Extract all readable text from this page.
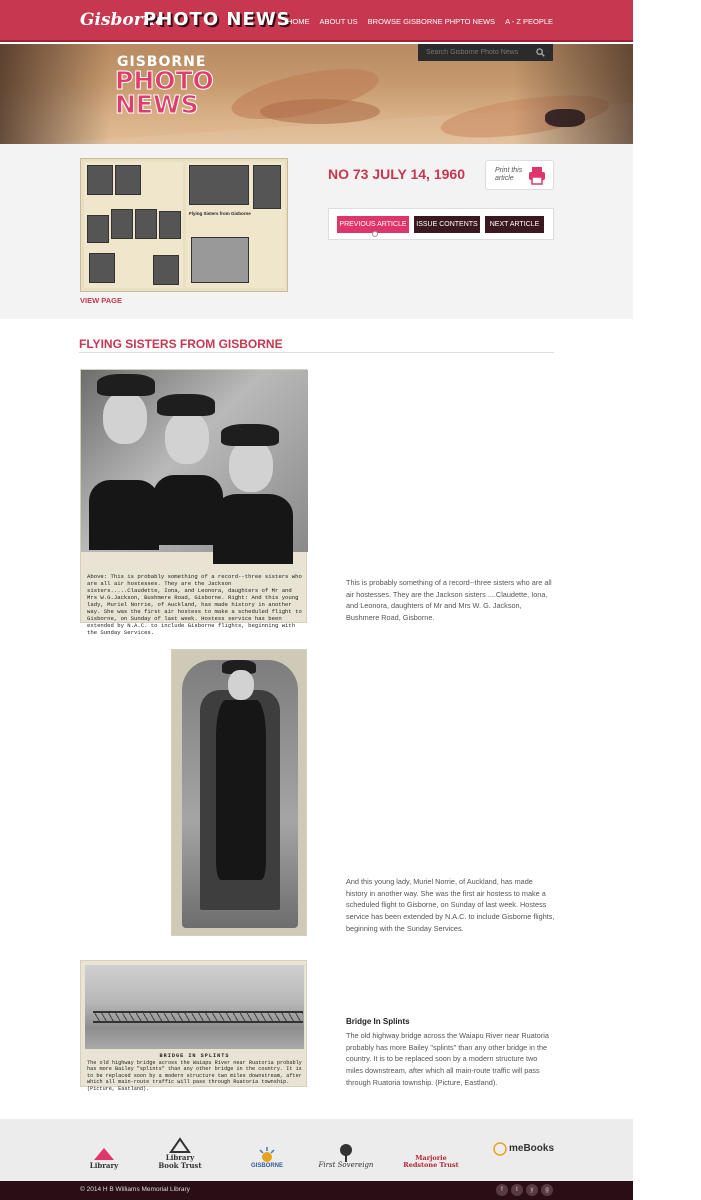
Gisborne
PHOTO NEWS
HOME ABOUT US BROWSE GISBORNE PHPTO NEWS A - Z PEOPLE
GISBORNE
PHOTO
NEWS
Search Gisborne Photo News
Flying Sisters from Gisborne
VIEW PAGE
NO 73 JULY 14, 1960	Print this article
PREVIOUS ARTICLE	ISSUE CONTENTS	NEXT ARTICLE
FLYING SISTERS FROM GISBORNE
Above: This is probably something of a record--three sisters who are all air hostesses. They are the Jackson sisters.....Claudette, Iona, and Leonora, daughters of Mr and Mrs W.G.Jackson, Bushmere Road, Gisborne. Right: And this young lady, Muriel Norrie, of Auckland, has made history in another way. She was the first air hostess to make a scheduled flight to Gisborne, on Sunday of last week. Hostess service has been extended by N.A.C. to include Gisborne flights, beginning with the Sunday Services.
This is probably something of a record--three sisters who are all air hostesses. They are the Jackson sisters ....Claudette, Iona, and Leonora, daughters of Mr and Mrs W. G. Jackson, Bushmere Road, Gisborne.
And this young lady, Muriel Norrie, of Auckland, has made history in another way. She was the first air hostess to make a scheduled flight to Gisborne, on Sunday of last week. Hostess service has been extended by N.A.C. to include Gisborne flights, beginning with the Sunday Services.
BRIDGE IN SPLINTS
The old highway bridge across the Waiapu River near Ruatoria probably has more Bailey "splints" than any other bridge in the country. It is to be replaced soon by a modern structure two miles downstream, after which all main-route traffic will pass through Ruatoria township. (Picture, Eastland).
Bridge In Splints
The old highway bridge across the Waiapu River near Ruatoria probably has more Bailey "splints" than any other bridge in the country. It is to be replaced soon by a modern structure two miles downstream, after which all main-route traffic will pass through Ruatoria township. (Picture, Eastland).
Library
Library Book Trust	GISBORNE	First Sovereign
Marjorie Redstone Trust
meBooks
© 2014 H B Williams Memorial Library	f	t	y	g
